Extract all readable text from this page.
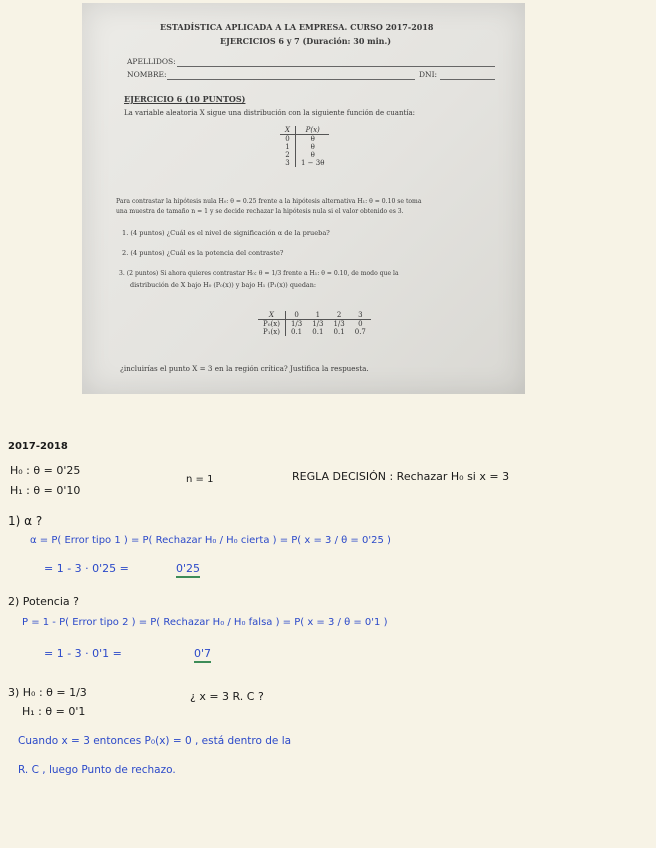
ESTADÍSTICA APLICADA A LA EMPRESA. CURSO 2017-2018
EJERCICIOS 6 y 7 (Duración: 30 min.)
APELLIDOS:
NOMBRE:	DNI:
EJERCICIO 6 (10 PUNTOS)
La variable aleatoria X sigue una distribución con la siguiente función de cuantía:
X	P(x)
0	θ
1	θ
2	θ
3	1 − 3θ
Para contrastar la hipótesis nula H₀: θ = 0.25 frente a la hipótesis alternativa H₁: θ = 0.10 se toma
una muestra de tamaño n = 1 y se decide rechazar la hipótesis nula si el valor obtenido es 3.
1. (4 puntos) ¿Cuál es el nivel de significación α de la prueba?
2. (4 puntos) ¿Cuál es la potencia del contraste?
3. (2 puntos) Si ahora quieres contrastar H₀: θ = 1/3 frente a H₁: θ = 0.10, de modo que la
distribución de X bajo H₀ (P₀(x)) y bajo H₁ (P₁(x)) quedan:
X	0	1	2	3
P₀(x)	1/3	1/3	1/3	0
P₁(x)	0.1	0.1	0.1	0.7
¿incluirías el punto X = 3 en la región crítica? Justifica la respuesta.
2017-2018
H₀ : θ = 0'25
H₁ : θ = 0'10
n = 1	REGLA DECISIÓN : Rechazar H₀ si x = 3
1) α ?
α = P( Error tipo 1 ) = P( Rechazar H₀ / H₀ cierta ) = P( x = 3 / θ = 0'25 )
= 1 - 3 · 0'25 =	0'25
2) Potencia ?
P = 1 - P( Error tipo 2 ) = P( Rechazar H₀ / H₀ falsa ) = P( x = 3 / θ = 0'1 )
= 1 - 3 · 0'1 =	0'7
3) H₀ : θ = 1/3
H₁ : θ = 0'1
¿ x = 3 R. C ?
Cuando x = 3 entonces P₀(x) = 0 , está dentro de la
R. C , luego Punto de rechazo.
